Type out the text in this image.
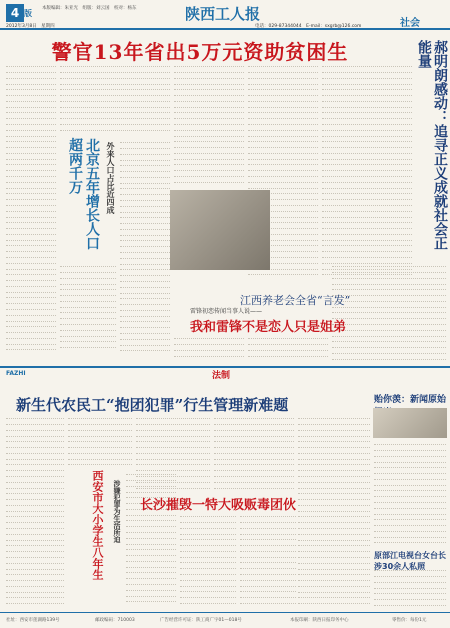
4 版
本版编辑：朱亚光　组版：刘云国　校对：杨东
2012年3月8日　星期四
陕西工人报
社会
电话：029-87344044　E-mail：sxgrb@126.com
警官13年省出5万元资助贫困生	郝明朗感动：追寻正义成就社会正能量
北京五年增长人口超两千万	外来人口占比近四成
江西养老会全省“言发”
雷锋初恋传闻当事人说——
我和雷锋不是恋人只是姐弟
FAZHI	法制
新生代农民工“抱团犯罪”行生管理新难题
西安市大小学生八年生	涉嫌犯罪为生活所迫 长沙摧毁一特大吸贩毒团伙
贻你羡：新闻原始
原部江电视台女台长涉30余人私照
社址：西安市莲湖路139号	邮政编码：710003	广告经营许可证：陕工商广字01—018号	本报印刷：陕西日报印务中心	零售价：每份1元
